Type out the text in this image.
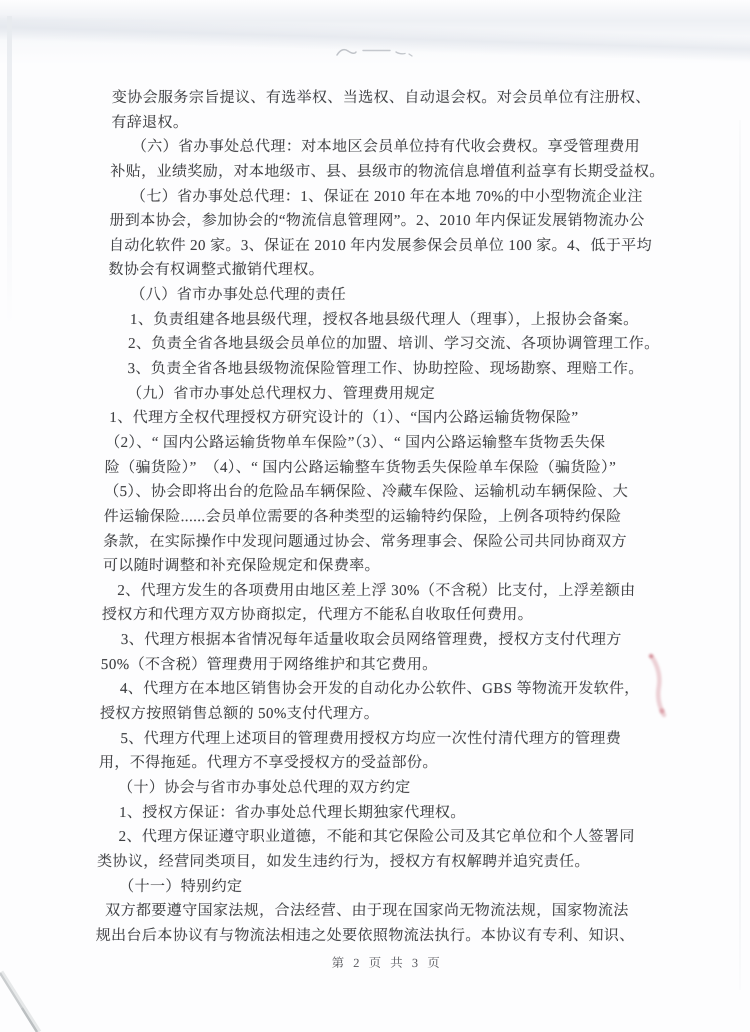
变协会服务宗旨提议、有选举权、当选权、自动退会权。对会员单位有注册权、
有辞退权。
（六）省办事处总代理：对本地区会员单位持有代收会费权。享受管理费用
补贴，业绩奖励，对本地级市、县、县级市的物流信息增值利益享有长期受益权。
（七）省办事处总代理：1、保证在 2010 年在本地 70%的中小型物流企业注
册到本协会，参加协会的“物流信息管理网”。2、2010 年内保证发展销物流办公
自动化软件 20 家。3、保证在 2010 年内发展参保会员单位 100 家。4、低于平均
数协会有权调整式撤销代理权。
（八）省市办事处总代理的责任
1、负责组建各地县级代理，授权各地县级代理人（理事），上报协会备案。
2、负责全省各地县级会员单位的加盟、培训、学习交流、各项协调管理工作。
3、负责全省各地县级物流保险管理工作、协助控险、现场勘察、理赔工作。
（九）省市办事处总代理权力、管理费用规定
1、代理方全权代理授权方研究设计的（1）、“国内公路运输货物保险”
（2）、“ 国内公路运输货物单车保险”（3）、“ 国内公路运输整车货物丢失保
险（骗货险）”　（4）、“ 国内公路运输整车货物丢失保险单车保险（骗货险）”
（5）、协会即将出台的危险品车辆保险、冷藏车保险、运输机动车辆保险、大
件运输保险......会员单位需要的各种类型的运输特约保险，上例各项特约保险
条款，在实际操作中发现问题通过协会、常务理事会、保险公司共同协商双方
可以随时调整和补充保险规定和保费率。
2、代理方发生的各项费用由地区差上浮 30%（不含税）比支付，上浮差额由
授权方和代理方双方协商拟定，代理方不能私自收取任何费用。
3、代理方根据本省情况每年适量收取会员网络管理费，授权方支付代理方
50%（不含税）管理费用于网络维护和其它费用。
4、代理方在本地区销售协会开发的自动化办公软件、GBS 等物流开发软件，
授权方按照销售总额的 50%支付代理方。
5、代理方代理上述项目的管理费用授权方均应一次性付清代理方的管理费
用，不得拖延。代理方不享受授权方的受益部份。
（十）协会与省市办事处总代理的双方约定
1、授权方保证：省办事处总代理长期独家代理权。
2、代理方保证遵守职业道德，不能和其它保险公司及其它单位和个人签署同
类协议，经营同类项目，如发生违约行为，授权方有权解聘并追究责任。
（十一）特别约定
双方都要遵守国家法规，合法经营、由于现在国家尚无物流法规，国家物流法
规出台后本协议有与物流法相违之处要依照物流法执行。本协议有专利、知识、
第 2 页 共 3 页
